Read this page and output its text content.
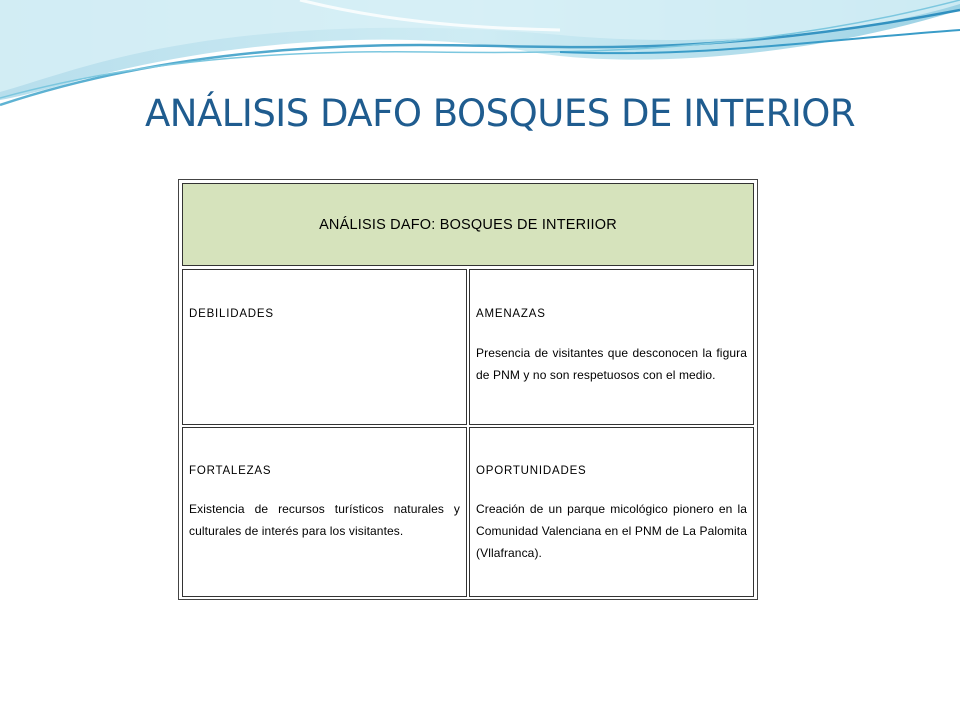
ANÁLISIS DAFO BOSQUES DE INTERIOR
ANÁLISIS DAFO: BOSQUES DE INTERIIOR
DEBILIDADES	AMENAZAS
Presencia de visitantes que desconocen la figura de PNM y no son respetuosos con el medio.
FORTALEZAS
Existencia de recursos turísticos naturales y culturales de interés para los visitantes.
OPORTUNIDADES
Creación de un parque micológico pionero en la Comunidad Valenciana en el PNM de La Palomita (Vllafranca).
